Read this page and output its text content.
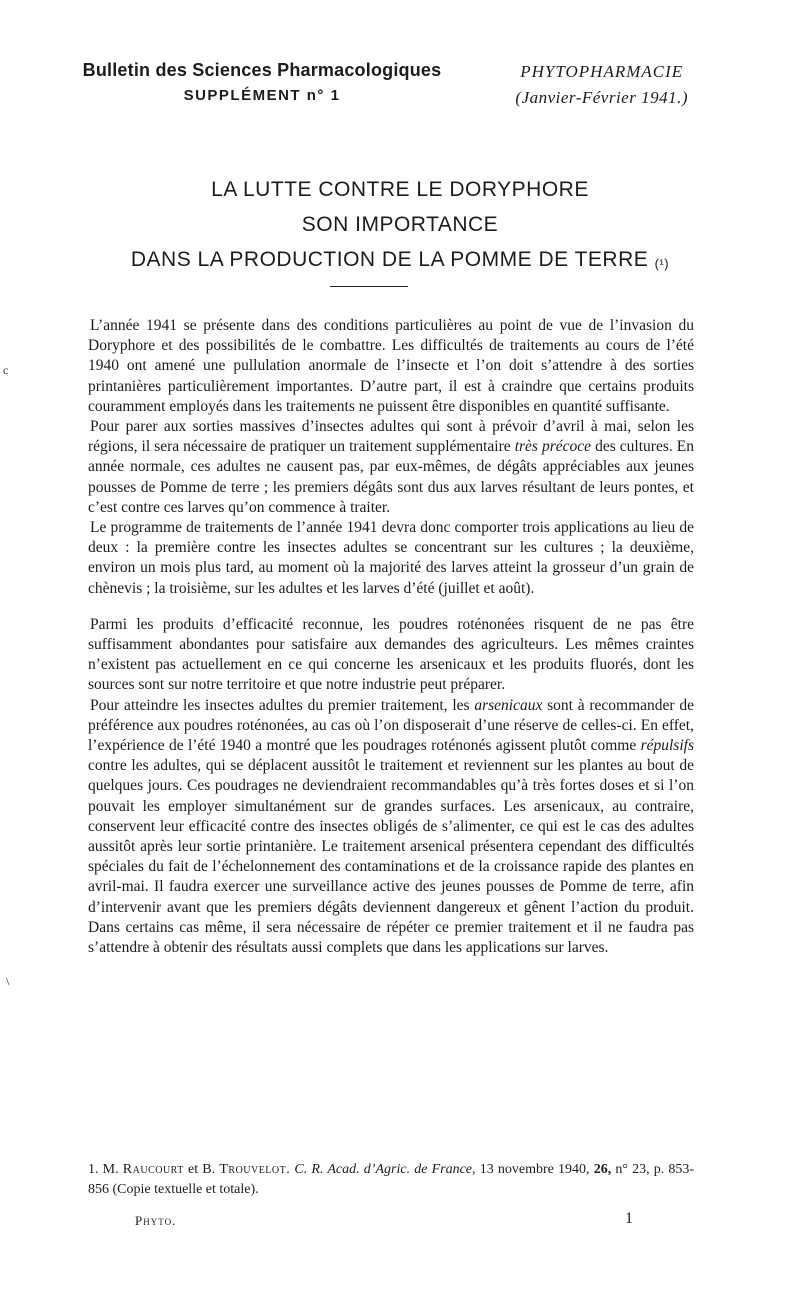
Bulletin des Sciences Pharmacologiques
SUPPLÉMENT n° 1
PHYTOPHARMACIE
(Janvier-Février 1941.)
LA LUTTE CONTRE LE DORYPHORE
SON IMPORTANCE
DANS LA PRODUCTION DE LA POMME DE TERRE $^{(^1)}$

L’année 1941 se présente dans des conditions particulières au point de vue de l’invasion du Doryphore et des possibilités de le combattre. Les difficultés de traitements au cours de l’été 1940 ont amené une pullulation anormale de l’insecte et l’on doit s’attendre à des sorties printanières particulièrement importantes. D’autre part, il est à craindre que certains produits couramment employés dans les traitements ne puissent être disponibles en quantité suffisante.

Pour parer aux sorties massives d’insectes adultes qui sont à prévoir d’avril à mai, selon les régions, il sera nécessaire de pratiquer un traitement supplémentaire très précoce des cultures. En année normale, ces adultes ne causent pas, par eux-mêmes, de dégâts appréciables aux jeunes pousses de Pomme de terre ; les premiers dégâts sont dus aux larves résultant de leurs pontes, et c’est contre ces larves qu’on commence à traiter.

Le programme de traitements de l’année 1941 devra donc comporter trois applications au lieu de deux : la première contre les insectes adultes se concentrant sur les cultures ; la deuxième, environ un mois plus tard, au moment où la majorité des larves atteint la grosseur d’un grain de chènevis ; la troisième, sur les adultes et les larves d’été (juillet et août).

Parmi les produits d’efficacité reconnue, les poudres roténonées risquent de ne pas être suffisamment abondantes pour satisfaire aux demandes des agriculteurs. Les mêmes craintes n’existent pas actuellement en ce qui concerne les arsenicaux et les produits fluorés, dont les sources sont sur notre territoire et que notre industrie peut préparer.

Pour atteindre les insectes adultes du premier traitement, les arsenicaux sont à recommander de préférence aux poudres roténonées, au cas où l’on disposerait d’une réserve de celles-ci. En effet, l’expérience de l’été 1940 a montré que les poudrages roténonés agissent plutôt comme répulsifs contre les adultes, qui se déplacent aussitôt le traitement et reviennent sur les plantes au bout de quelques jours. Ces poudrages ne deviendraient recommandables qu’à très fortes doses et si l’on pouvait les employer simultanément sur de grandes surfaces. Les arsenicaux, au contraire, conservent leur efficacité contre des insectes obligés de s’alimenter, ce qui est le cas des adultes aussitôt après leur sortie printanière. Le traitement arsenical présentera cependant des difficultés spéciales du fait de l’échelonnement des contaminations et de la croissance rapide des plantes en avril-mai. Il faudra exercer une surveillance active des jeunes pousses de Pomme de terre, afin d’intervenir avant que les premiers dégâts deviennent dangereux et gênent l’action du produit. Dans certains cas même, il sera nécessaire de répéter ce premier traitement et il ne faudra pas s’attendre à obtenir des résultats aussi complets que dans les applications sur larves.

1. M. Raucourt et B. Trouvelot. C. R. Acad. d’Agric. de France, 13 novembre 1940, 26, n° 23, p. 853-856 (Copie textuelle et totale).
Phyto.	1
c
\
